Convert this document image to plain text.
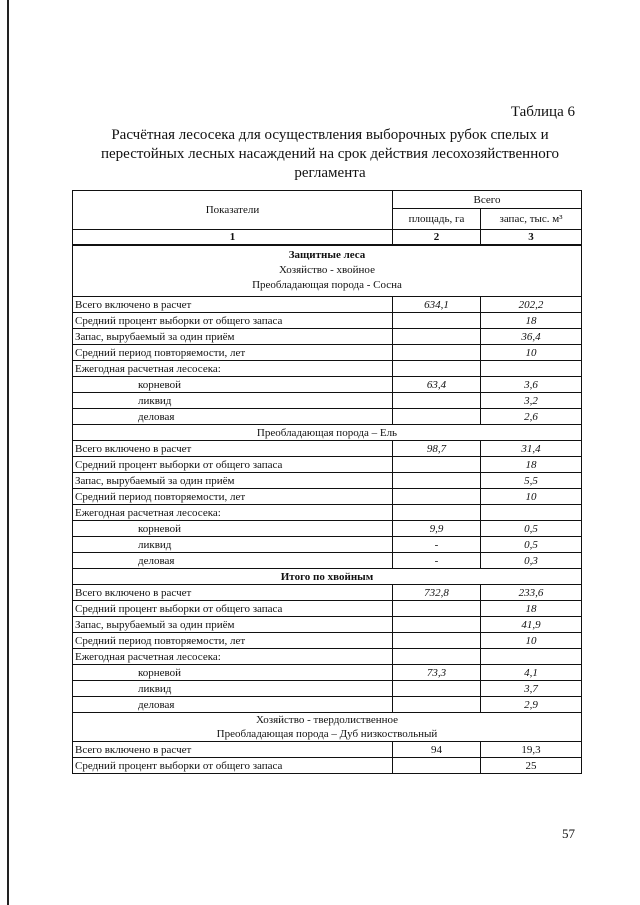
Таблица 6
Расчётная лесосека для осуществления выборочных рубок спелых и
перестойных лесных насаждений на срок действия лесохозяйственного
регламента
Показатели	Всего	
	площадь, га	запас, тыс. м³
1	2	3

Защитные леса
Хозяйство - хвойное
Преобладающая порода - Сосна		

Всего включено в расчет	634,1	202,2
Средний процент выборки от общего запаса		18
Запас, вырубаемый за один приём		36,4
Средний период повторяемости, лет		10
Ежегодная расчетная лесосека:		
корневой	63,4	3,6
ликвид		3,2
деловая		2,6
Преобладающая порода – Ель		
Всего включено в расчет	98,7	31,4
Средний процент выборки от общего запаса		18
Запас, вырубаемый за один приём		5,5
Средний период повторяемости, лет		10
Ежегодная расчетная лесосека:		
корневой	9,9	0,5
ликвид	-	0,5
деловая	-	0,3
Итого по хвойным		
Всего включено в расчет	732,8	233,6
Средний процент выборки от общего запаса		18
Запас, вырубаемый за один приём		41,9
Средний период повторяемости, лет		10
Ежегодная расчетная лесосека:		
корневой	73,3	4,1
ликвид		3,7
деловая		2,9

Хозяйство - твердолиственное
Преобладающая порода – Дуб низкоствольный		

Всего включено в расчет	94	19,3
Средний процент выборки от общего запаса		25
57
